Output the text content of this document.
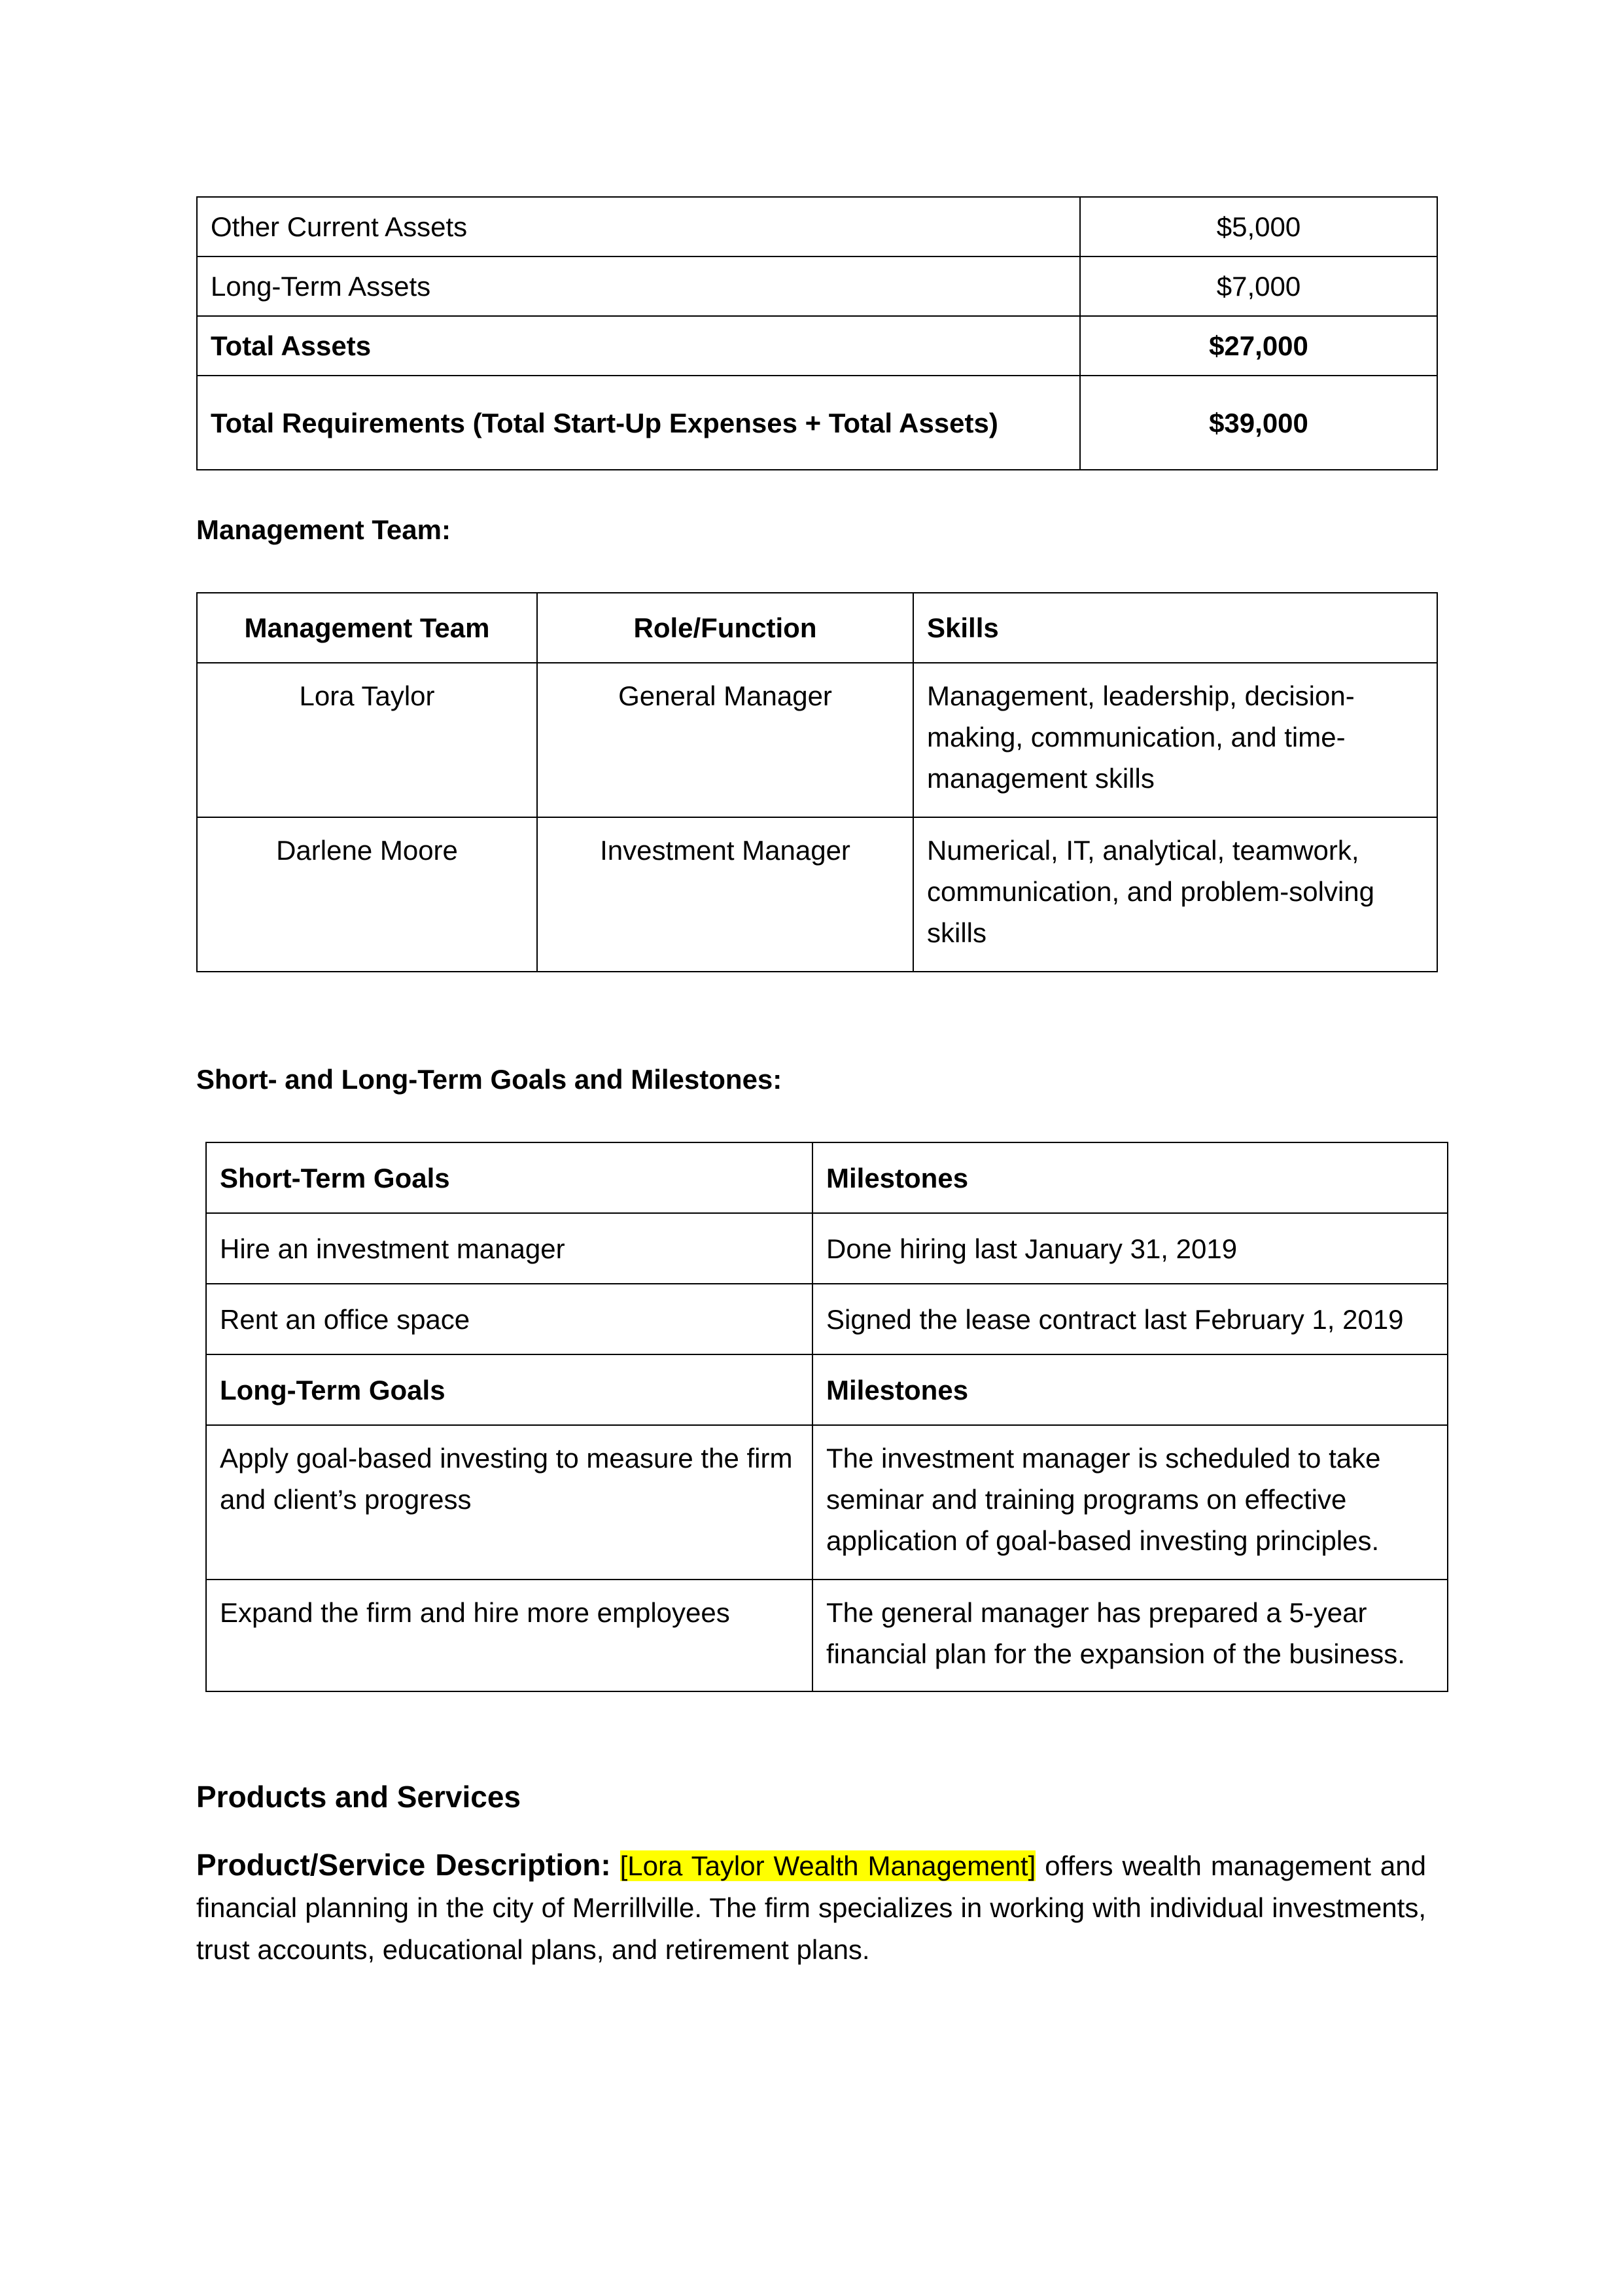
Other Current Assets	$5,000
Long-Term Assets	$7,000
Total Assets	$27,000
Total Requirements (Total Start-Up Expenses + Total Assets)	$39,000
Management Team:
Management Team	Role/Function	Skills
Lora Taylor	General Manager	Management, leadership, decision-making, communication, and time-management skills
Darlene Moore	Investment Manager	Numerical, IT, analytical, teamwork, communication, and problem-solving skills
Short- and Long-Term Goals and Milestones:
Short-Term Goals	Milestones
Hire an investment manager	Done hiring last January 31, 2019
Rent an office space	Signed the lease contract last February 1, 2019
Long-Term Goals	Milestones
Apply goal-based investing to measure the firm and client’s progress	The investment manager is scheduled to take seminar and training programs on effective application of goal-based investing principles.
Expand the firm and hire more employees	The general manager has prepared a 5-year financial plan for the expansion of the business.
Products and Services
Product/Service Description: [Lora Taylor Wealth Management] offers wealth management and financial planning in the city of Merrillville. The firm specializes in working with individual investments, trust accounts, educational plans, and retirement plans.
